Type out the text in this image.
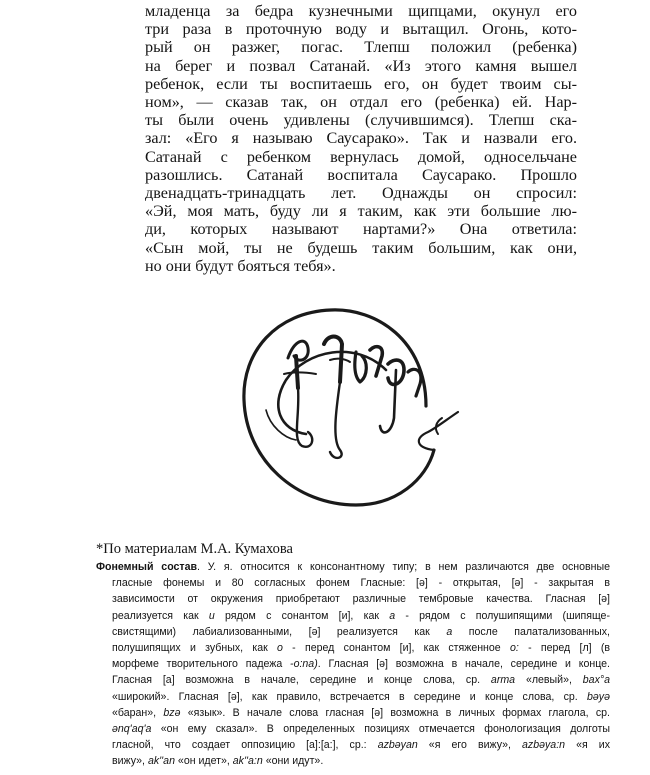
младенца за бедра кузнечными щипцами, окунул его
три раза в проточную воду и вытащил. Огонь, кото-
рый он разжег, погас. Тлепш положил (ребенка)
на берег и позвал Сатанай. «Из этого камня вышел
ребенок, если ты воспитаешь его, он будет твоим сы-
ном», — сказав так, он отдал его (ребенка) ей. Нар-
ты были очень удивлены (случившимся). Тлепш ска-
зал: «Его я называю Саусарако». Так и назвали его.
Сатанай с ребенком вернулась домой, односельчане
разошлись. Сатанай воспитала Саусарако. Прошло
двенадцать-тринадцать лет. Однажды он спросил:
«Эй, моя мать, буду ли я таким, как эти большие лю-
ди, которых называют нартами?» Она ответила:
«Сын мой, ты не будешь таким большим, как они,
но они будут бояться тебя».
*По материалам М.А. Кумахова
Фонемный состав. У. я. относится к консонантному типу; в нем различаются две основные
гласные фонемы и 80 согласных фонем Гласные: [ə] - открытая, [ə] - закрытая в
зависимости от окружения приобретают различные тембровые качества. Гласная [ə]
реализуется как и рядом с сонантом [и], как а - рядом с полушипящими (шипяще-
свистящими) лабиализованными, [ə] реализуется как а после палатализованных,
полушипящих и зубных, как о - перед сонантом [и], как стяженное о: - перед [л] (в
морфеме творительного падежа -о:na). Гласная [ə] возможна в начале, середине и конце.
Гласная [а] возможна в начале, середине и конце слова, ср. arma «левый», bax°a
«широкий». Гласная [ə], как правило, встречается в середине и конце слова, ср. bəyə
«баран», bzə «язык». В начале слова гласная [ə] возможна в личных формах глагола, ср.
ənq'aq'a «он ему сказал». В определенных позициях отмечается фонологизация долготы
гласной, что создает оппозицию [а]:[а:], ср.: azbəyan «я его вижу», azbəya:n «я их
вижу», ak''an «он идет», ak''a:n «они идут».
